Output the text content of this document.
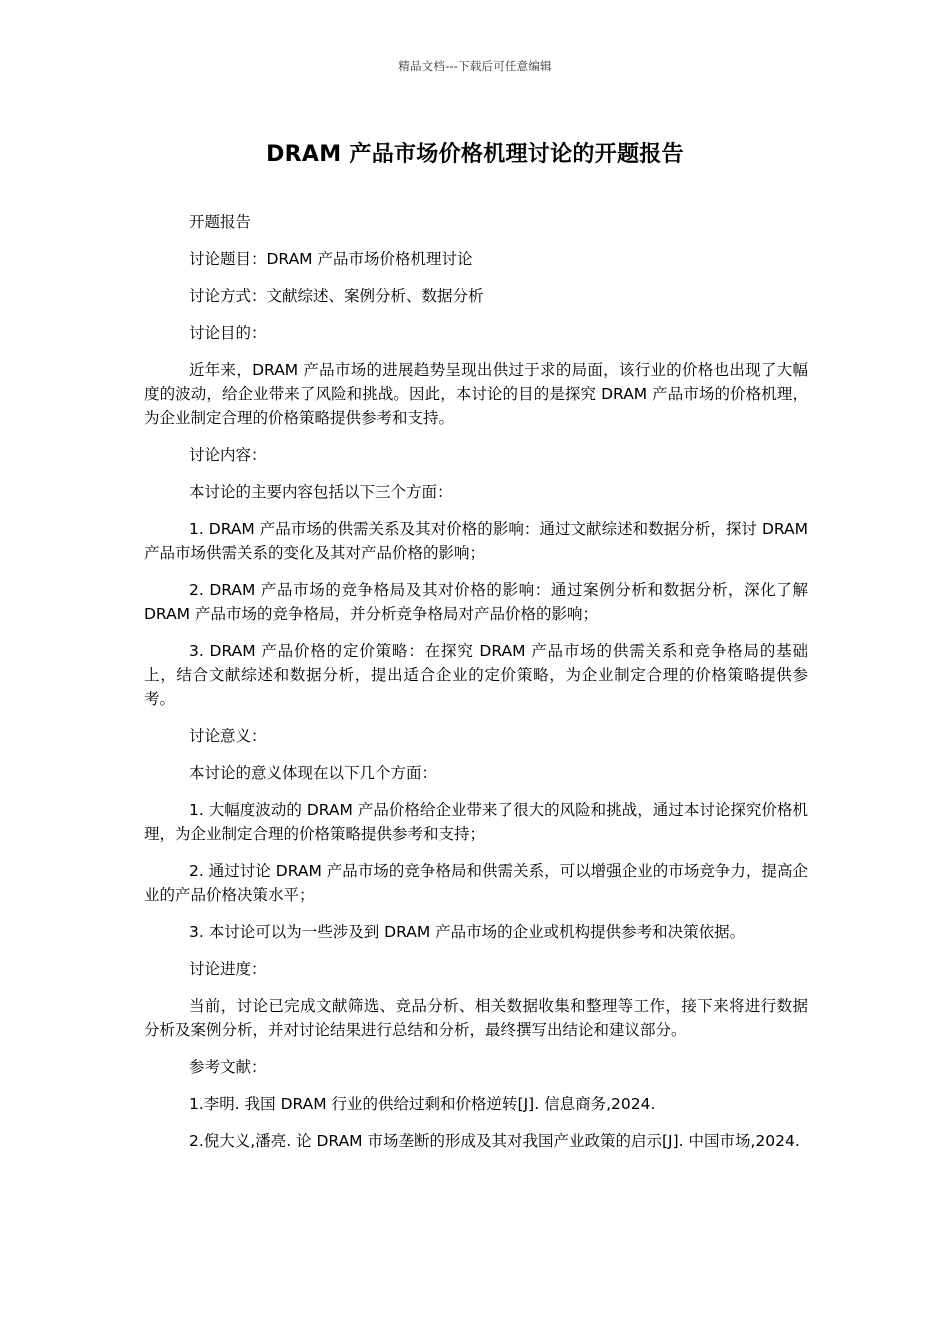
精品文档---下载后可任意编辑
DRAM 产品市场价格机理讨论的开题报告

开题报告

讨论题目：DRAM 产品市场价格机理讨论

讨论方式：文献综述、案例分析、数据分析

讨论目的：

近年来，DRAM 产品市场的进展趋势呈现出供过于求的局面，该行业的价格也出现了大幅度的波动，给企业带来了风险和挑战。因此，本讨论的目的是探究 DRAM 产品市场的价格机理，为企业制定合理的价格策略提供参考和支持。

讨论内容：

本讨论的主要内容包括以下三个方面：

1. DRAM 产品市场的供需关系及其对价格的影响：通过文献综述和数据分析，探讨 DRAM 产品市场供需关系的变化及其对产品价格的影响；

2. DRAM 产品市场的竞争格局及其对价格的影响：通过案例分析和数据分析，深化了解 DRAM 产品市场的竞争格局，并分析竞争格局对产品价格的影响；

3. DRAM 产品价格的定价策略：在探究 DRAM 产品市场的供需关系和竞争格局的基础上，结合文献综述和数据分析，提出适合企业的定价策略，为企业制定合理的价格策略提供参考。

讨论意义：

本讨论的意义体现在以下几个方面：

1. 大幅度波动的 DRAM 产品价格给企业带来了很大的风险和挑战，通过本讨论探究价格机理，为企业制定合理的价格策略提供参考和支持；

2. 通过讨论 DRAM 产品市场的竞争格局和供需关系，可以增强企业的市场竞争力，提高企业的产品价格决策水平；

3. 本讨论可以为一些涉及到 DRAM 产品市场的企业或机构提供参考和决策依据。

讨论进度：

当前，讨论已完成文献筛选、竞品分析、相关数据收集和整理等工作，接下来将进行数据分析及案例分析，并对讨论结果进行总结和分析，最终撰写出结论和建议部分。

参考文献：

1.李明. 我国 DRAM 行业的供给过剩和价格逆转[J]. 信息商务,2024.

2.倪大义,潘亮. 论 DRAM 市场垄断的形成及其对我国产业政策的启示[J]. 中国市场,2024.
